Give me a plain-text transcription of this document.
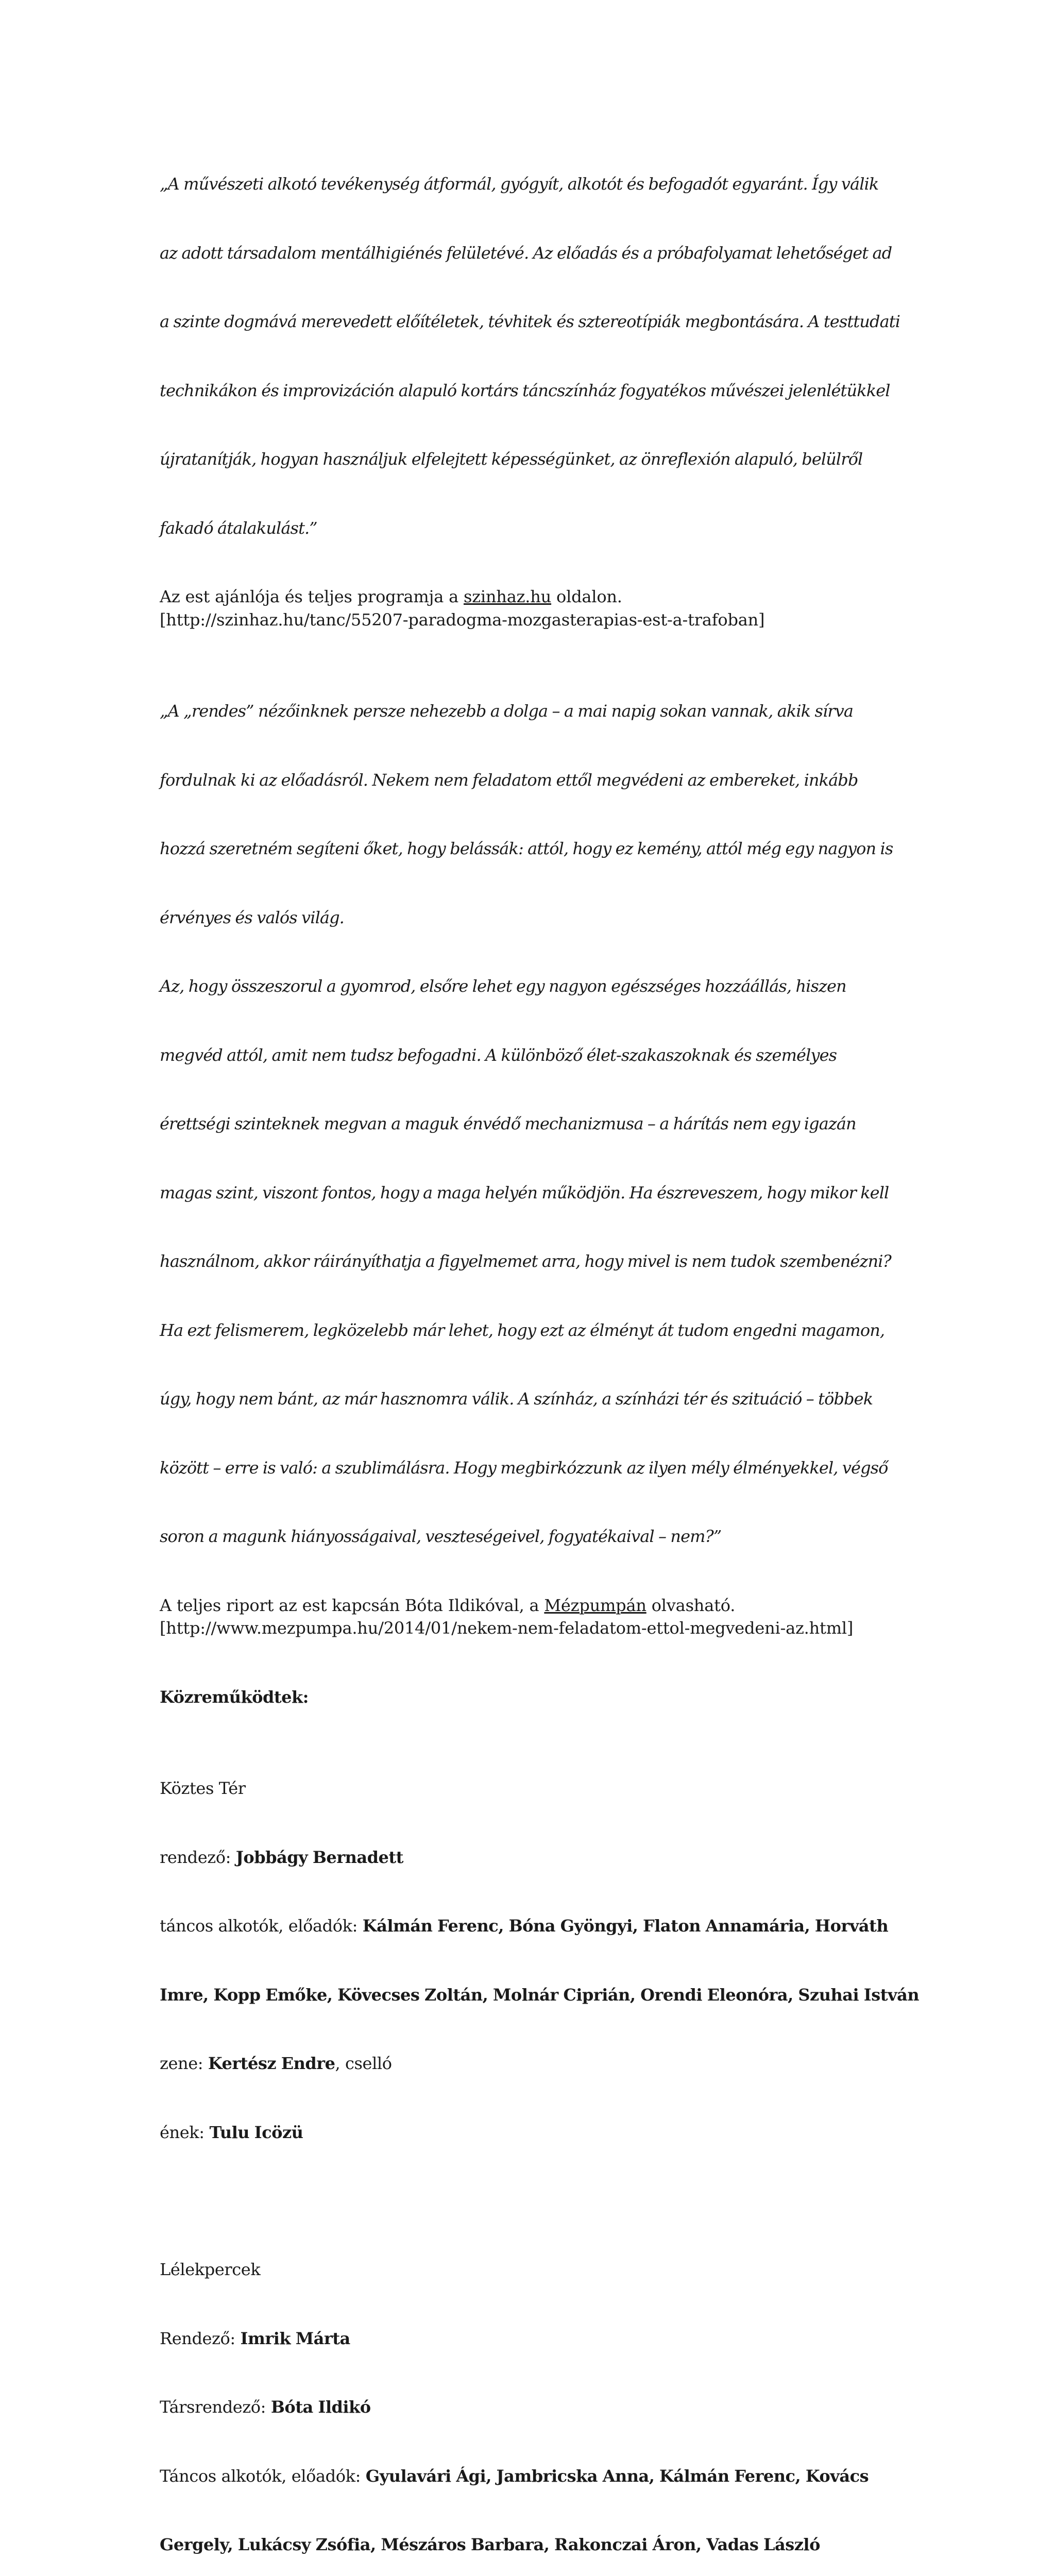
„A művészeti alkotó tevékenység átformál, gyógyít, alkotót és befogadót egyaránt. Így válik

az adott társadalom mentálhigiénés felületévé. Az előadás és a próbafolyamat lehetőséget ad

a szinte dogmává merevedett előítéletek, tévhitek és sztereotípiák megbontására. A testtudati

technikákon és improvizáción alapuló kortárs táncszínház fogyatékos művészei jelenlétükkel

újratanítják, hogyan használjuk elfelejtett képességünket, az önreflexión alapuló, belülről

fakadó átalakulást.”

Az est ajánlója és teljes programja a szinhaz.hu oldalon.
[http://szinhaz.hu/tanc/55207-paradogma-mozgasterapias-est-a-trafoban]

„A „rendes” nézőinknek persze nehezebb a dolga – a mai napig sokan vannak, akik sírva

fordulnak ki az előadásról. Nekem nem feladatom ettől megvédeni az embereket, inkább

hozzá szeretném segíteni őket, hogy belássák: attól, hogy ez kemény, attól még egy nagyon is

érvényes és valós világ.

Az, hogy összeszorul a gyomrod, elsőre lehet egy nagyon egészséges hozzáállás, hiszen

megvéd attól, amit nem tudsz befogadni. A különböző élet-szakaszoknak és személyes

érettségi szinteknek megvan a maguk énvédő mechanizmusa – a hárítás nem egy igazán

magas szint, viszont fontos, hogy a maga helyén működjön. Ha észreveszem, hogy mikor kell

használnom, akkor ráirányíthatja a figyelmemet arra, hogy mivel is nem tudok szembenézni?

Ha ezt felismerem, legközelebb már lehet, hogy ezt az élményt át tudom engedni magamon,

úgy, hogy nem bánt, az már hasznomra válik. A színház, a színházi tér és szituáció – többek

között – erre is való: a szublimálásra. Hogy megbirkózzunk az ilyen mély élményekkel, végső

soron a magunk hiányosságaival, veszteségeivel, fogyatékaival – nem?”

A teljes riport az est kapcsán Bóta Ildikóval, a Mézpumpán olvasható.
[http://www.mezpumpa.hu/2014/01/nekem-nem-feladatom-ettol-megvedeni-az.html]
Közreműködtek:

Köztes Tér

rendező: Jobbágy Bernadett

táncos alkotók, előadók: Kálmán Ferenc, Bóna Gyöngyi, Flaton Annamária, Horváth

Imre, Kopp Emőke, Kövecses Zoltán, Molnár Ciprián, Orendi Eleonóra, Szuhai István

zene: Kertész Endre, cselló

ének: Tulu Icözü

Lélekpercek

Rendező: Imrik Márta

Társrendező: Bóta Ildikó

Táncos alkotók, előadók: Gyulavári Ági, Jambricska Anna, Kálmán Ferenc, Kovács

Gergely, Lukácsy Zsófia, Mészáros Barbara, Rakonczai Áron, Vadas László
